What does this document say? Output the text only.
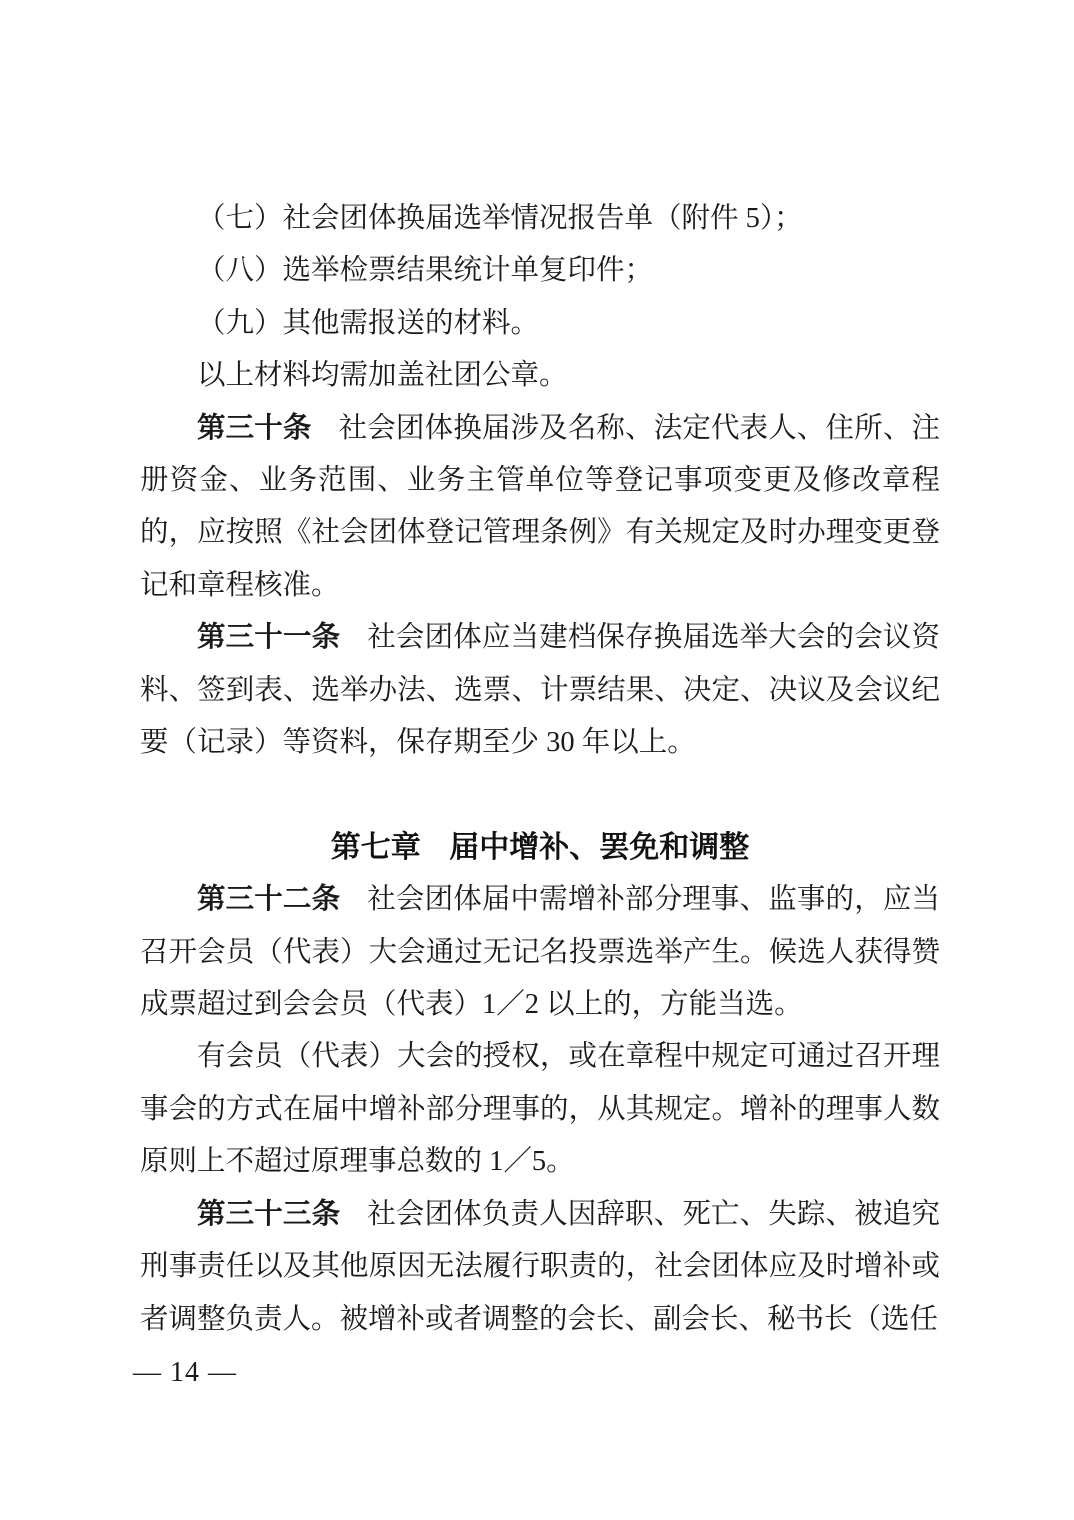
（七）社会团体换届选举情况报告单（附件 5）；

（八）选举检票结果统计单复印件；

（九）其他需报送的材料。

以上材料均需加盖社团公章。

第三十条 社会团体换届涉及名称、法定代表人、住所、注册资金、业务范围、业务主管单位等登记事项变更及修改章程的，应按照《社会团体登记管理条例》有关规定及时办理变更登记和章程核准。

第三十一条 社会团体应当建档保存换届选举大会的会议资料、签到表、选举办法、选票、计票结果、决定、决议及会议纪要（记录）等资料，保存期至少 30 年以上。

第七章 届中增补、罢免和调整

第三十二条 社会团体届中需增补部分理事、监事的，应当召开会员（代表）大会通过无记名投票选举产生。候选人获得赞成票超过到会会员（代表）1／2 以上的，方能当选。

有会员（代表）大会的授权，或在章程中规定可通过召开理事会的方式在届中增补部分理事的，从其规定。增补的理事人数原则上不超过原理事总数的 1／5。

第三十三条 社会团体负责人因辞职、死亡、失踪、被追究刑事责任以及其他原因无法履行职责的，社会团体应及时增补或者调整负责人。被增补或者调整的会长、副会长、秘书长（选任

— 14 —
